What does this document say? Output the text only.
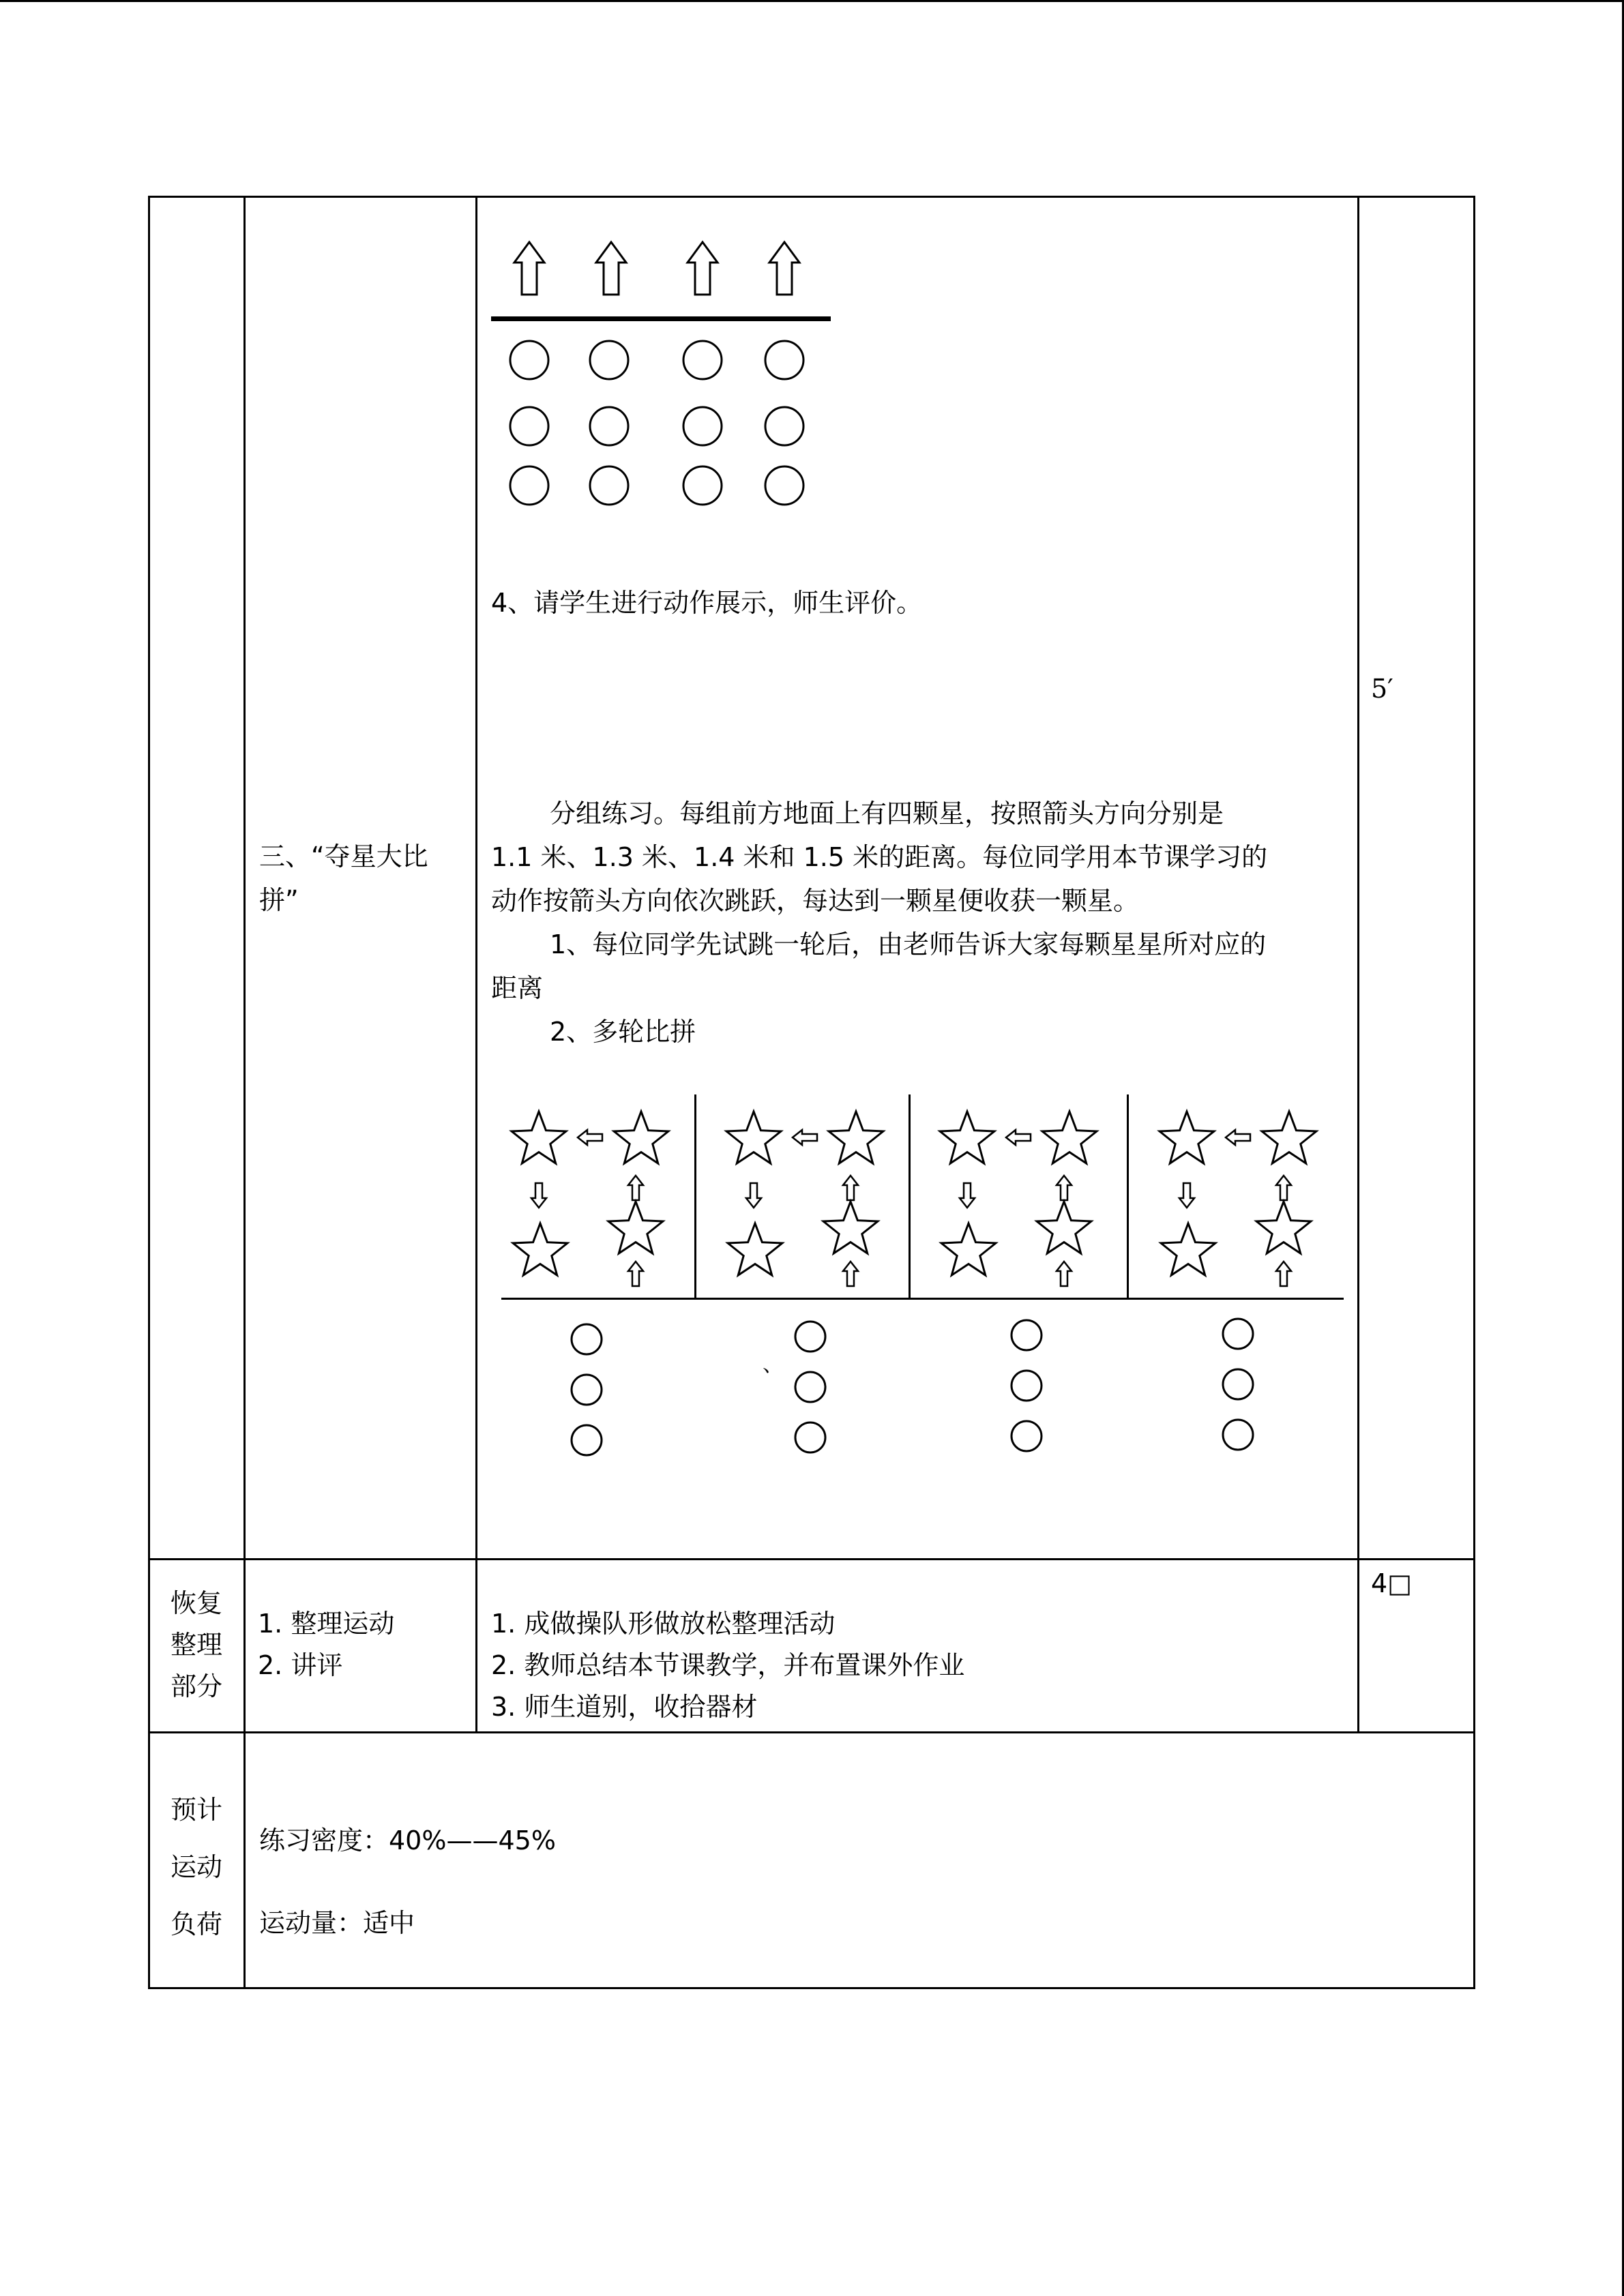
4、请学生进行动作展示，师生评价。
5′
三、“夺星大比
拼”
分组练习。每组前方地面上有四颗星，按照箭头方向分别是
1.1 米、1.3 米、1.4 米和 1.5 米的距离。每位同学用本节课学习的
动作按箭头方向依次跳跃，每达到一颗星便收获一颗星。
1、每位同学先试跳一轮后，由老师告诉大家每颗星星所对应的
距离
2、多轮比拼
、
恢复
整理
部分
1. 整理运动
2. 讲评
1. 成做操队形做放松整理活动
2. 教师总结本节课教学，并布置课外作业
3. 师生道别，收拾器材
4□
预计
运动
负荷
练习密度：40%——45%
运动量：适中
